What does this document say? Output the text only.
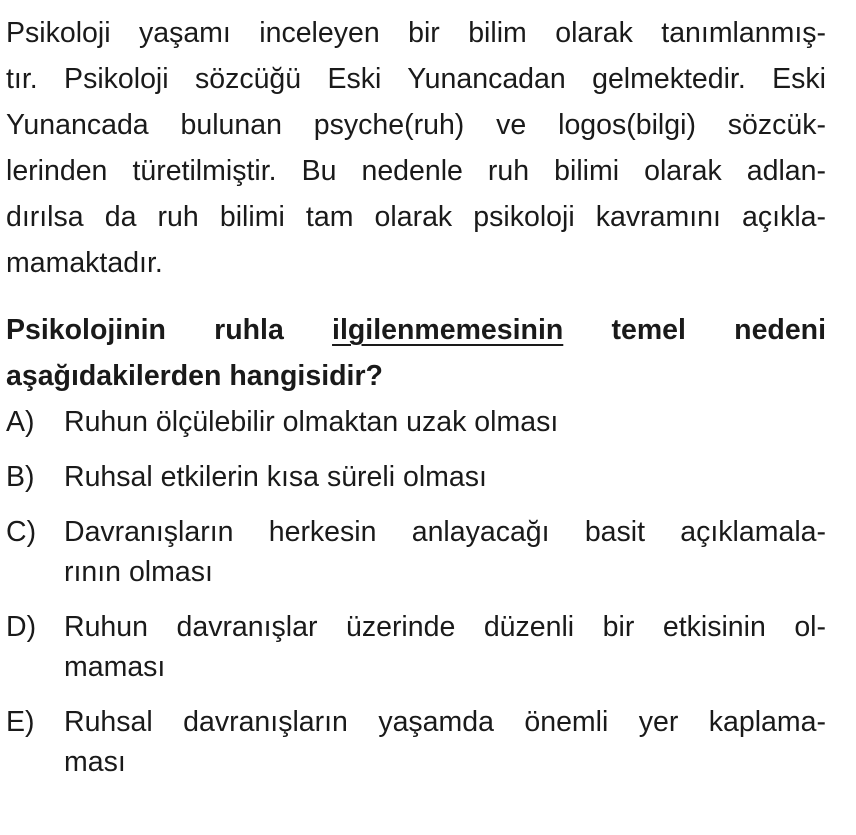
Psikoloji yaşamı inceleyen bir bilim olarak tanımlanmış-
tır. Psikoloji sözcüğü Eski Yunancadan gelmektedir. Eski
Yunancada bulunan psyche(ruh) ve logos(bilgi) sözcük-
lerinden türetilmiştir. Bu nedenle ruh bilimi olarak adlan-
dırılsa da ruh bilimi tam olarak psikoloji kavramını açıkla-
mamaktadır.

Psikolojinin ruhla ilgilenmemesinin temel nedeni
aşağıdakilerden hangisidir?
A)	Ruhun ölçülebilir olmaktan uzak olması
B)	Ruhsal etkilerin kısa süreli olması
C) Davranışların herkesin anlayacağı basit açıklamala-
rının olması
D) Ruhun davranışlar üzerinde düzenli bir etkisinin ol-
maması
E)	Ruhsal davranışların yaşamda önemli yer kaplama-
ması
